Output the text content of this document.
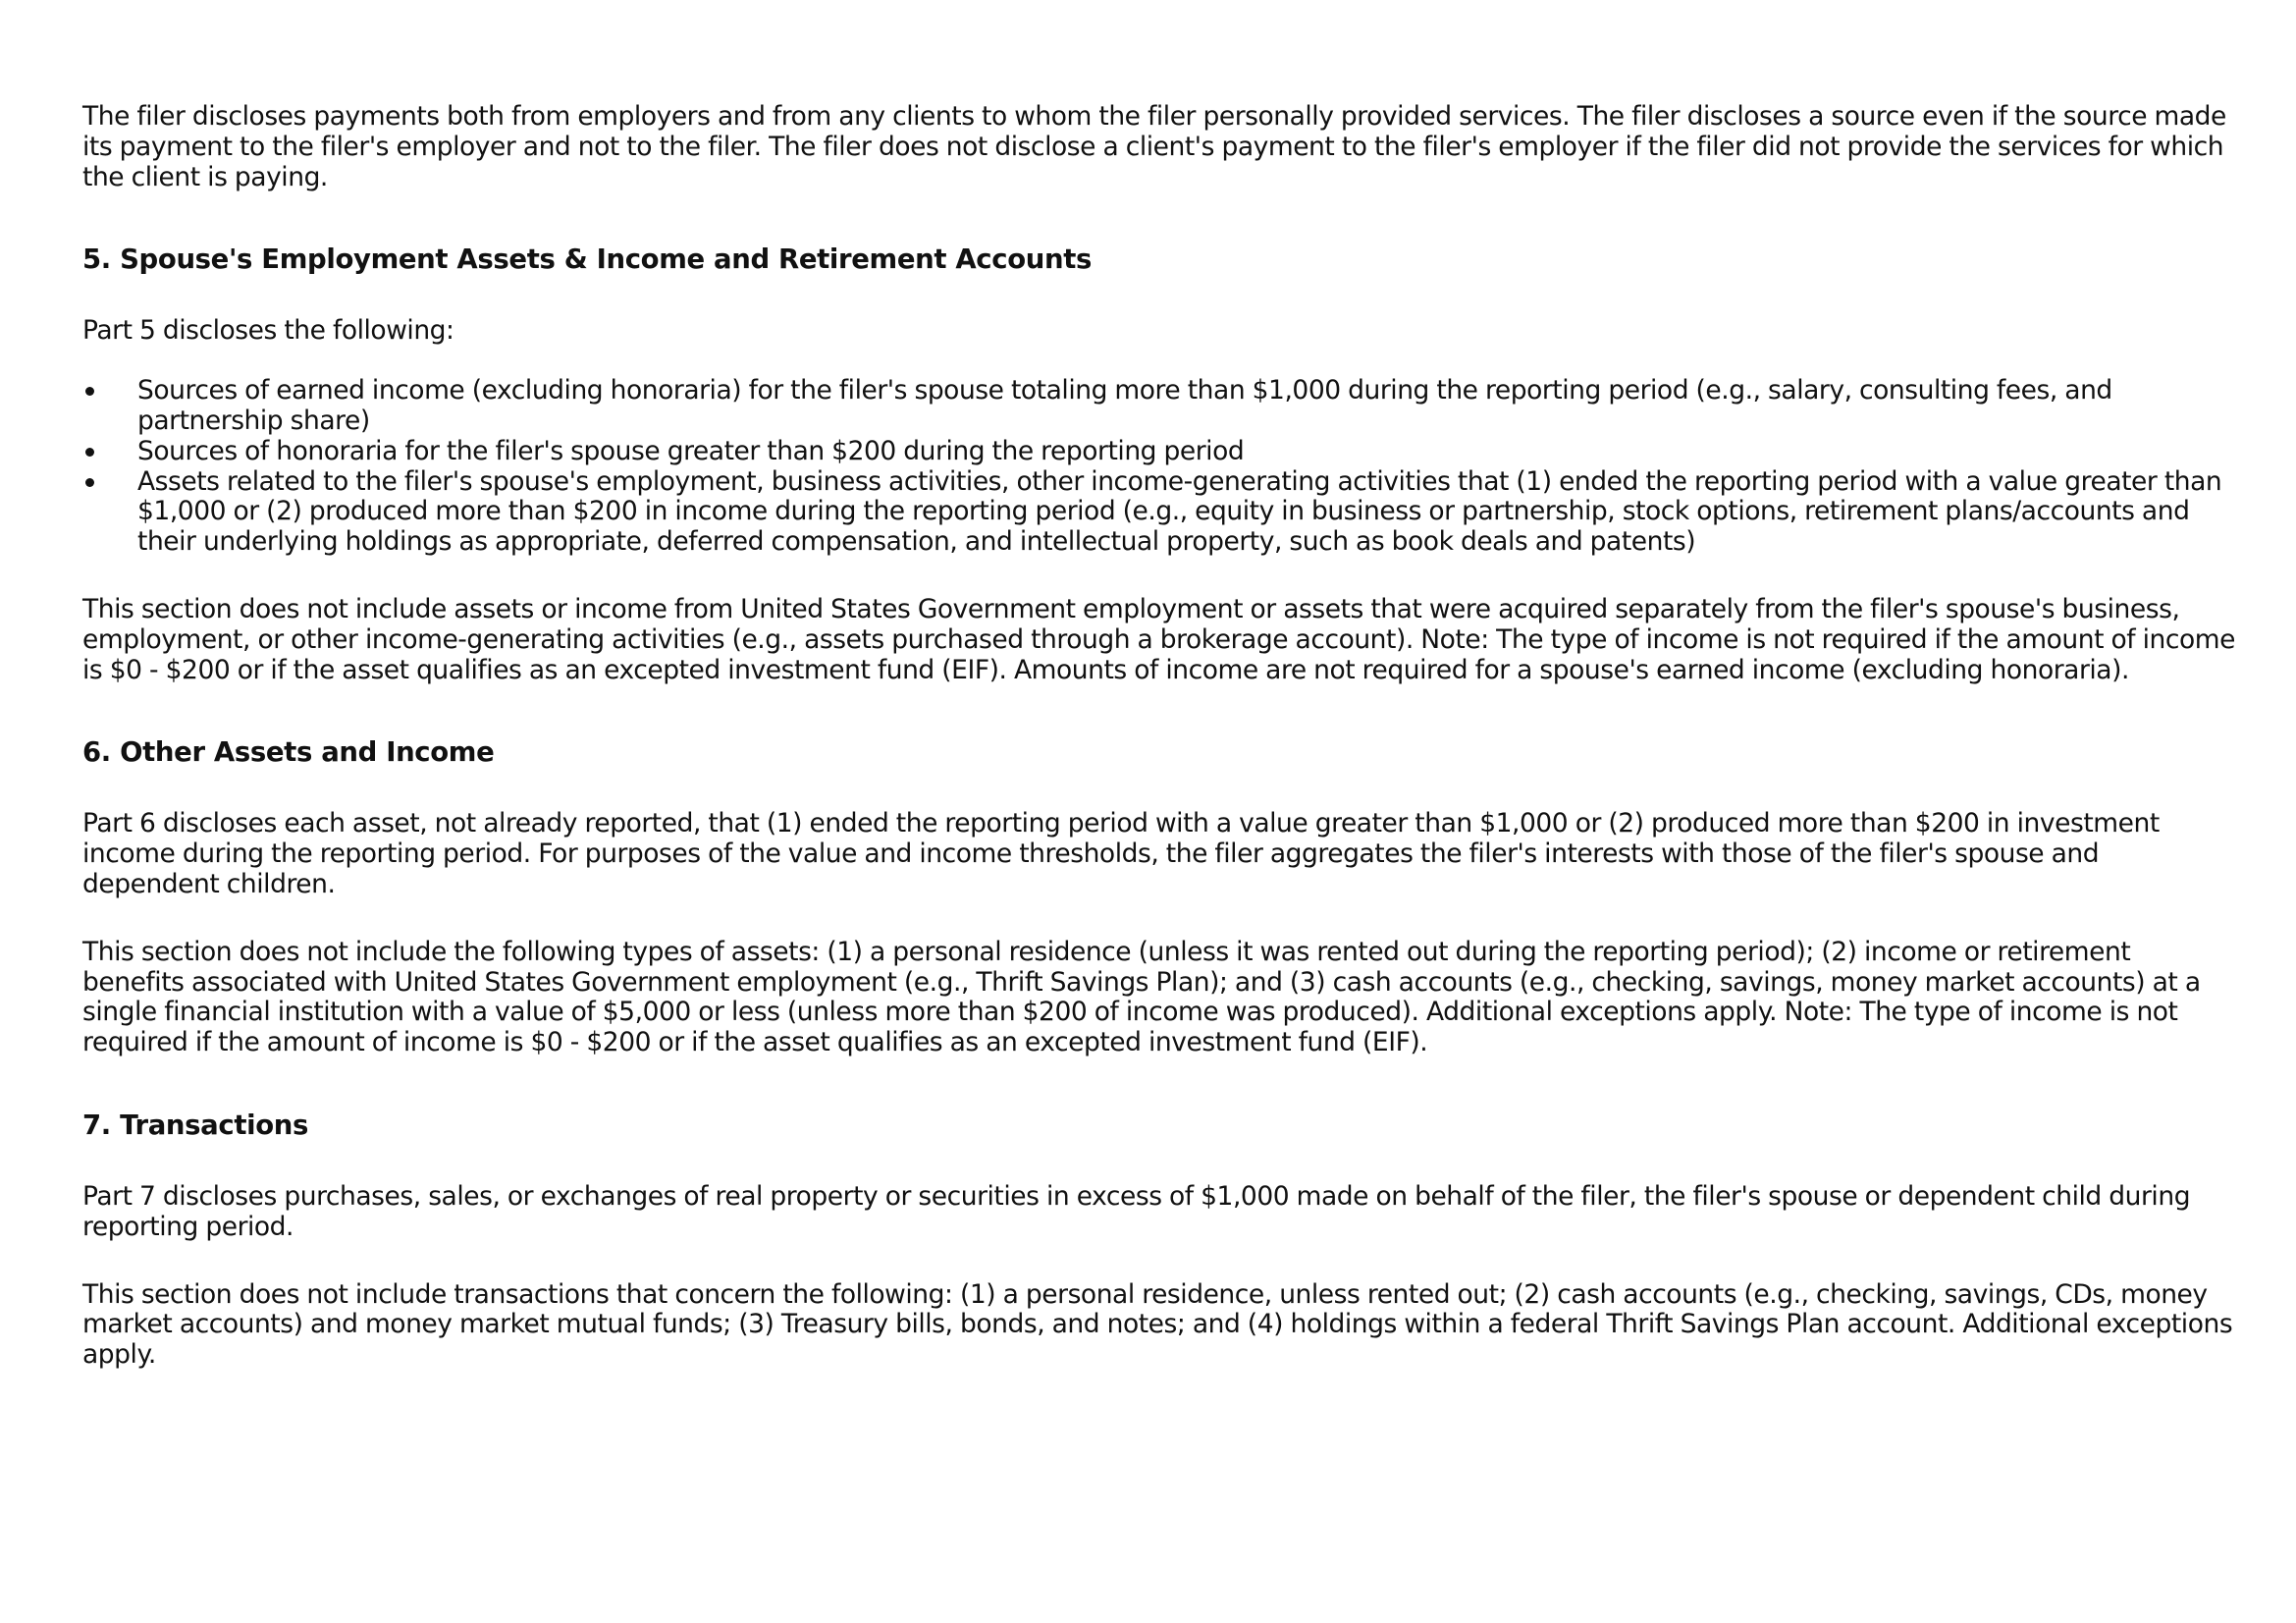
The filer discloses payments both from employers and from any clients to whom the filer personally provided services. The filer discloses a source even if the source made its payment to the filer's employer and not to the filer. The filer does not disclose a client's payment to the filer's employer if the filer did not provide the services for which the client is paying.

5. Spouse's Employment Assets & Income and Retirement Accounts

Part 5 discloses the following:

Sources of earned income (excluding honoraria) for the filer's spouse totaling more than $1,000 during the reporting period (e.g., salary, consulting fees, and partnership share)
Sources of honoraria for the filer's spouse greater than $200 during the reporting period
Assets related to the filer's spouse's employment, business activities, other income-generating activities that (1) ended the reporting period with a value greater than $1,000 or (2) produced more than $200 in income during the reporting period (e.g., equity in business or partnership, stock options, retirement plans/accounts and their underlying holdings as appropriate, deferred compensation, and intellectual property, such as book deals and patents)

This section does not include assets or income from United States Government employment or assets that were acquired separately from the filer's spouse's business, employment, or other income-generating activities (e.g., assets purchased through a brokerage account). Note: The type of income is not required if the amount of income is $0 - $200 or if the asset qualifies as an excepted investment fund (EIF). Amounts of income are not required for a spouse's earned income (excluding honoraria).

6. Other Assets and Income

Part 6 discloses each asset, not already reported, that (1) ended the reporting period with a value greater than $1,000 or (2) produced more than $200 in investment income during the reporting period. For purposes of the value and income thresholds, the filer aggregates the filer's interests with those of the filer's spouse and dependent children.

This section does not include the following types of assets: (1) a personal residence (unless it was rented out during the reporting period); (2) income or retirement benefits associated with United States Government employment (e.g., Thrift Savings Plan); and (3) cash accounts (e.g., checking, savings, money market accounts) at a single financial institution with a value of $5,000 or less (unless more than $200 of income was produced). Additional exceptions apply. Note: The type of income is not required if the amount of income is $0 - $200 or if the asset qualifies as an excepted investment fund (EIF).

7. Transactions

Part 7 discloses purchases, sales, or exchanges of real property or securities in excess of $1,000 made on behalf of the filer, the filer's spouse or dependent child during reporting period.

This section does not include transactions that concern the following: (1) a personal residence, unless rented out; (2) cash accounts (e.g., checking, savings, CDs, money market accounts) and money market mutual funds; (3) Treasury bills, bonds, and notes; and (4) holdings within a federal Thrift Savings Plan account. Additional exceptions apply.
